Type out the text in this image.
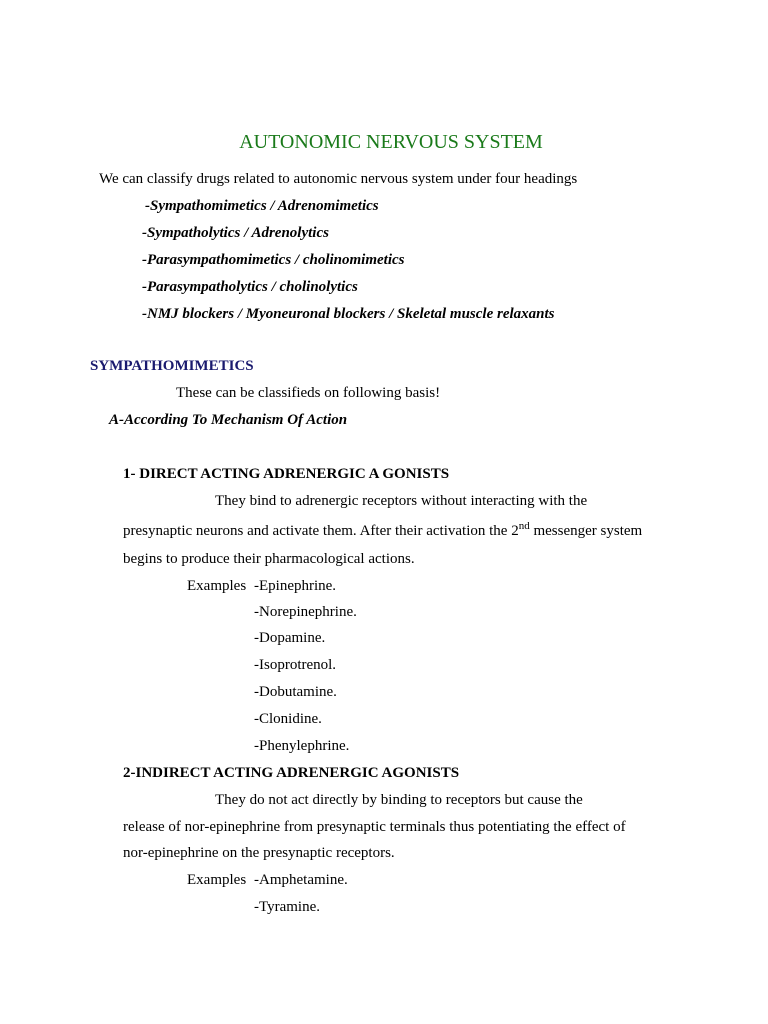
AUTONOMIC NERVOUS SYSTEM
We can classify drugs related to autonomic nervous system under four headings
-Sympathomimetics / Adrenomimetics
-Sympatholytics / Adrenolytics
-Parasympathomimetics / cholinomimetics
-Parasympatholytics / cholinolytics
-NMJ blockers / Myoneuronal blockers / Skeletal muscle relaxants
SYMPATHOMIMETICS
These can be classifieds on following basis!
A-According To Mechanism Of Action
1- DIRECT ACTING ADRENERGIC A GONISTS
They bind to adrenergic receptors without interacting with the
presynaptic neurons and activate them. After their activation the 2nd messenger system
begins to produce their pharmacological actions.
Examples -Epinephrine.
-Norepinephrine.
-Dopamine.
-Isoprotrenol.
-Dobutamine.
-Clonidine.
-Phenylephrine.
2-INDIRECT ACTING ADRENERGIC AGONISTS
They do not act directly by binding to receptors but cause the
release of nor-epinephrine from presynaptic terminals thus potentiating the effect of
nor-epinephrine on the presynaptic receptors.
Examples -Amphetamine.
-Tyramine.
